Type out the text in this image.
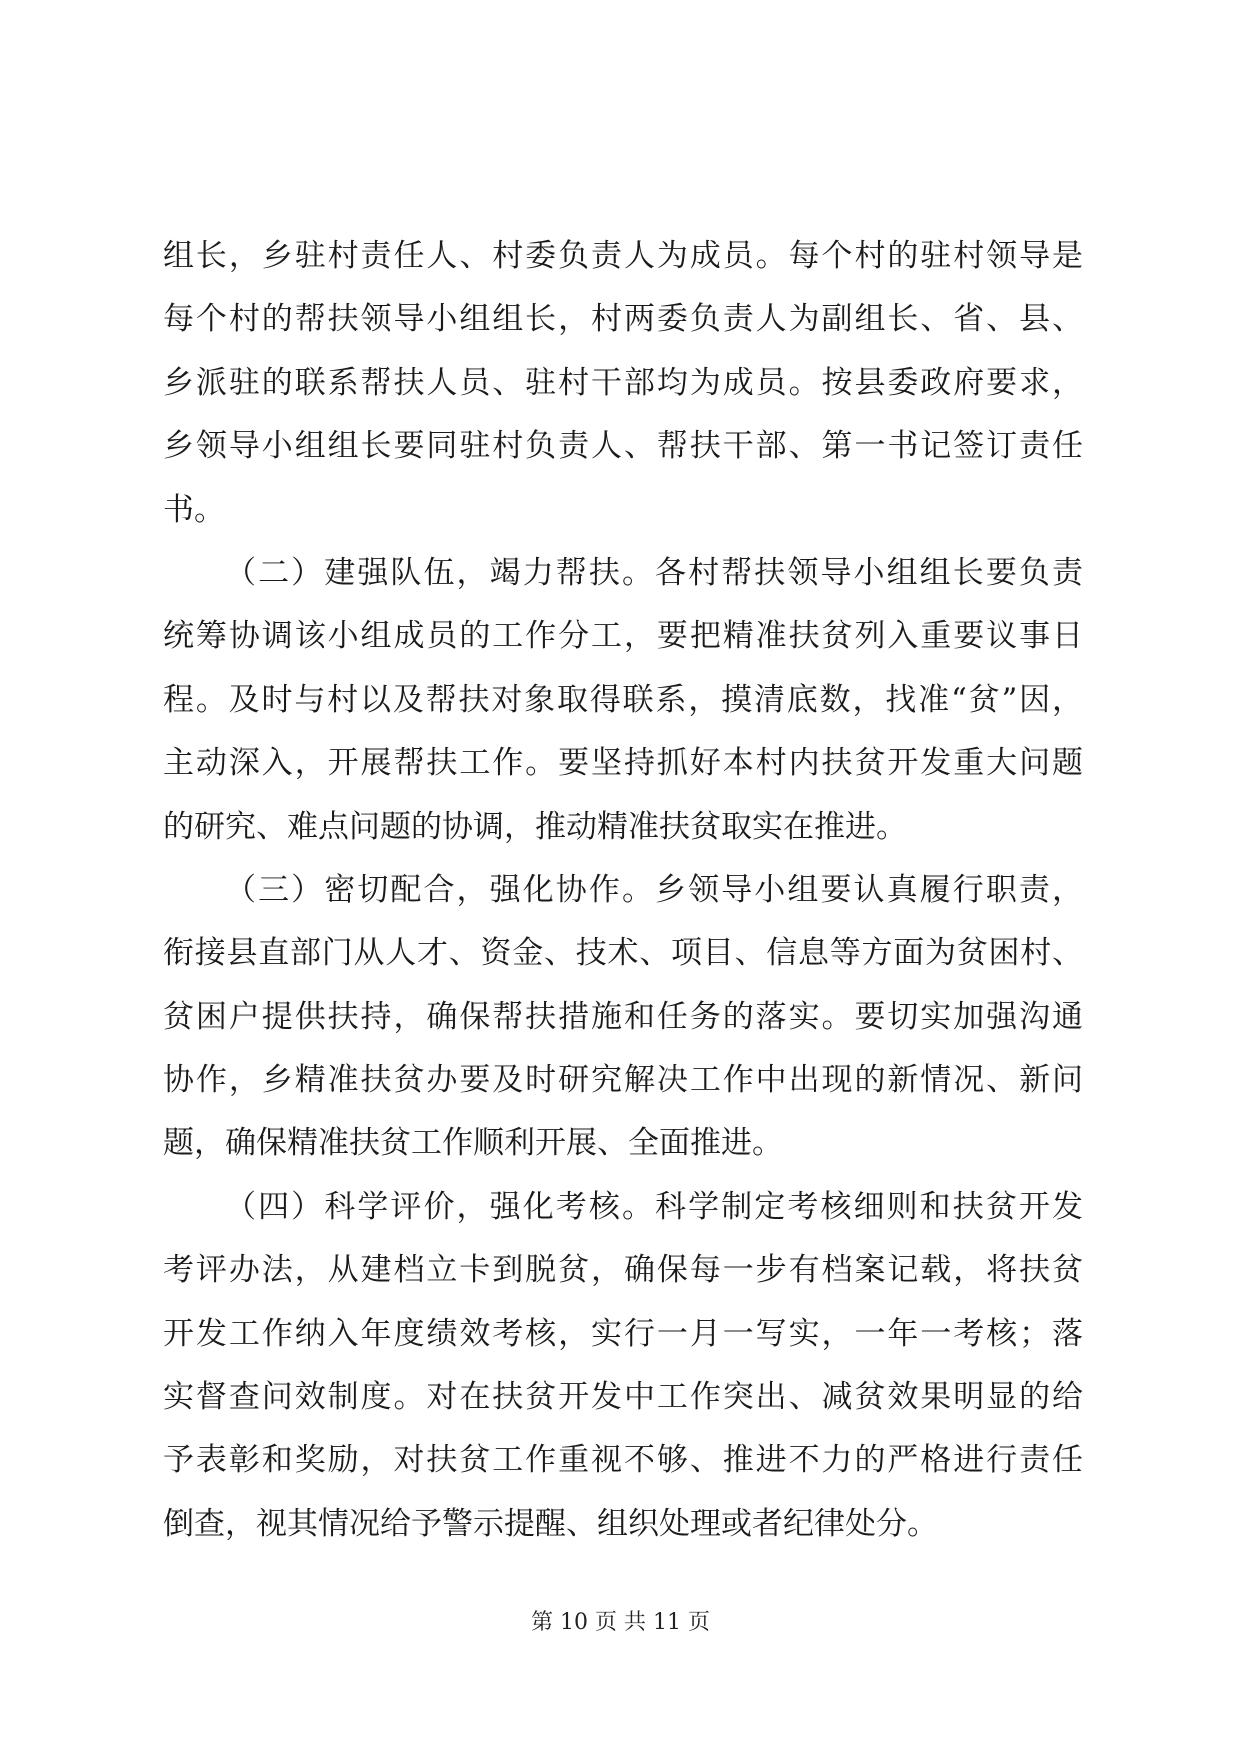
组长，乡驻村责任人、村委负责人为成员。每个村的驻村领导是
每个村的帮扶领导小组组长，村两委负责人为副组长、省、县、
乡派驻的联系帮扶人员、驻村干部均为成员。按县委政府要求，
乡领导小组组长要同驻村负责人、帮扶干部、第一书记签订责任
书。
（二）建强队伍，竭力帮扶。各村帮扶领导小组组长要负责
统筹协调该小组成员的工作分工，要把精准扶贫列入重要议事日
程。及时与村以及帮扶对象取得联系，摸清底数，找准“贫”因，
主动深入，开展帮扶工作。要坚持抓好本村内扶贫开发重大问题
的研究、难点问题的协调，推动精准扶贫取实在推进。
（三）密切配合，强化协作。乡领导小组要认真履行职责，
衔接县直部门从人才、资金、技术、项目、信息等方面为贫困村、
贫困户提供扶持，确保帮扶措施和任务的落实。要切实加强沟通
协作，乡精准扶贫办要及时研究解决工作中出现的新情况、新问
题，确保精准扶贫工作顺利开展、全面推进。
（四）科学评价，强化考核。科学制定考核细则和扶贫开发
考评办法，从建档立卡到脱贫，确保每一步有档案记载，将扶贫
开发工作纳入年度绩效考核，实行一月一写实，一年一考核；落
实督查问效制度。对在扶贫开发中工作突出、减贫效果明显的给
予表彰和奖励，对扶贫工作重视不够、推进不力的严格进行责任
倒查，视其情况给予警示提醒、组织处理或者纪律处分。
第 10 页 共 11 页
